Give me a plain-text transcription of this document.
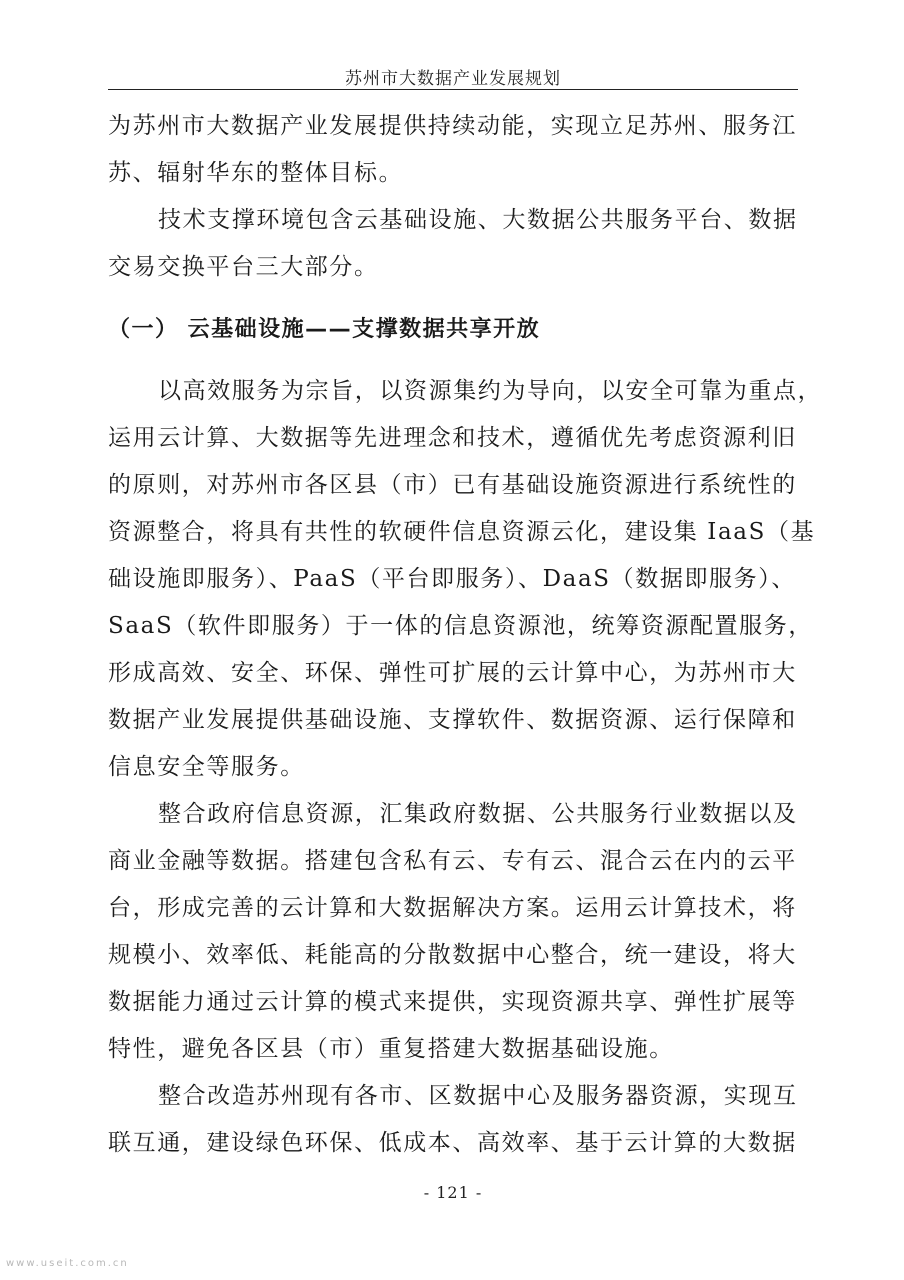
苏州市大数据产业发展规划
为苏州市大数据产业发展提供持续动能，实现立足苏州、服务江
苏、辐射华东的整体目标。
技术支撑环境包含云基础设施、大数据公共服务平台、数据
交易交换平台三大部分。
（一） 云基础设施——支撑数据共享开放
以高效服务为宗旨，以资源集约为导向，以安全可靠为重点，
运用云计算、大数据等先进理念和技术，遵循优先考虑资源利旧
的原则，对苏州市各区县（市）已有基础设施资源进行系统性的
资源整合，将具有共性的软硬件信息资源云化，建设集 IaaS（基
础设施即服务）、PaaS（平台即服务）、DaaS（数据即服务）、
SaaS（软件即服务）于一体的信息资源池，统筹资源配置服务，
形成高效、安全、环保、弹性可扩展的云计算中心，为苏州市大
数据产业发展提供基础设施、支撑软件、数据资源、运行保障和
信息安全等服务。
整合政府信息资源，汇集政府数据、公共服务行业数据以及
商业金融等数据。搭建包含私有云、专有云、混合云在内的云平
台，形成完善的云计算和大数据解决方案。运用云计算技术，将
规模小、效率低、耗能高的分散数据中心整合，统一建设，将大
数据能力通过云计算的模式来提供，实现资源共享、弹性扩展等
特性，避免各区县（市）重复搭建大数据基础设施。
整合改造苏州现有各市、区数据中心及服务器资源，实现互
联互通，建设绿色环保、低成本、高效率、基于云计算的大数据
- 121 -
www.useit.com.cn
